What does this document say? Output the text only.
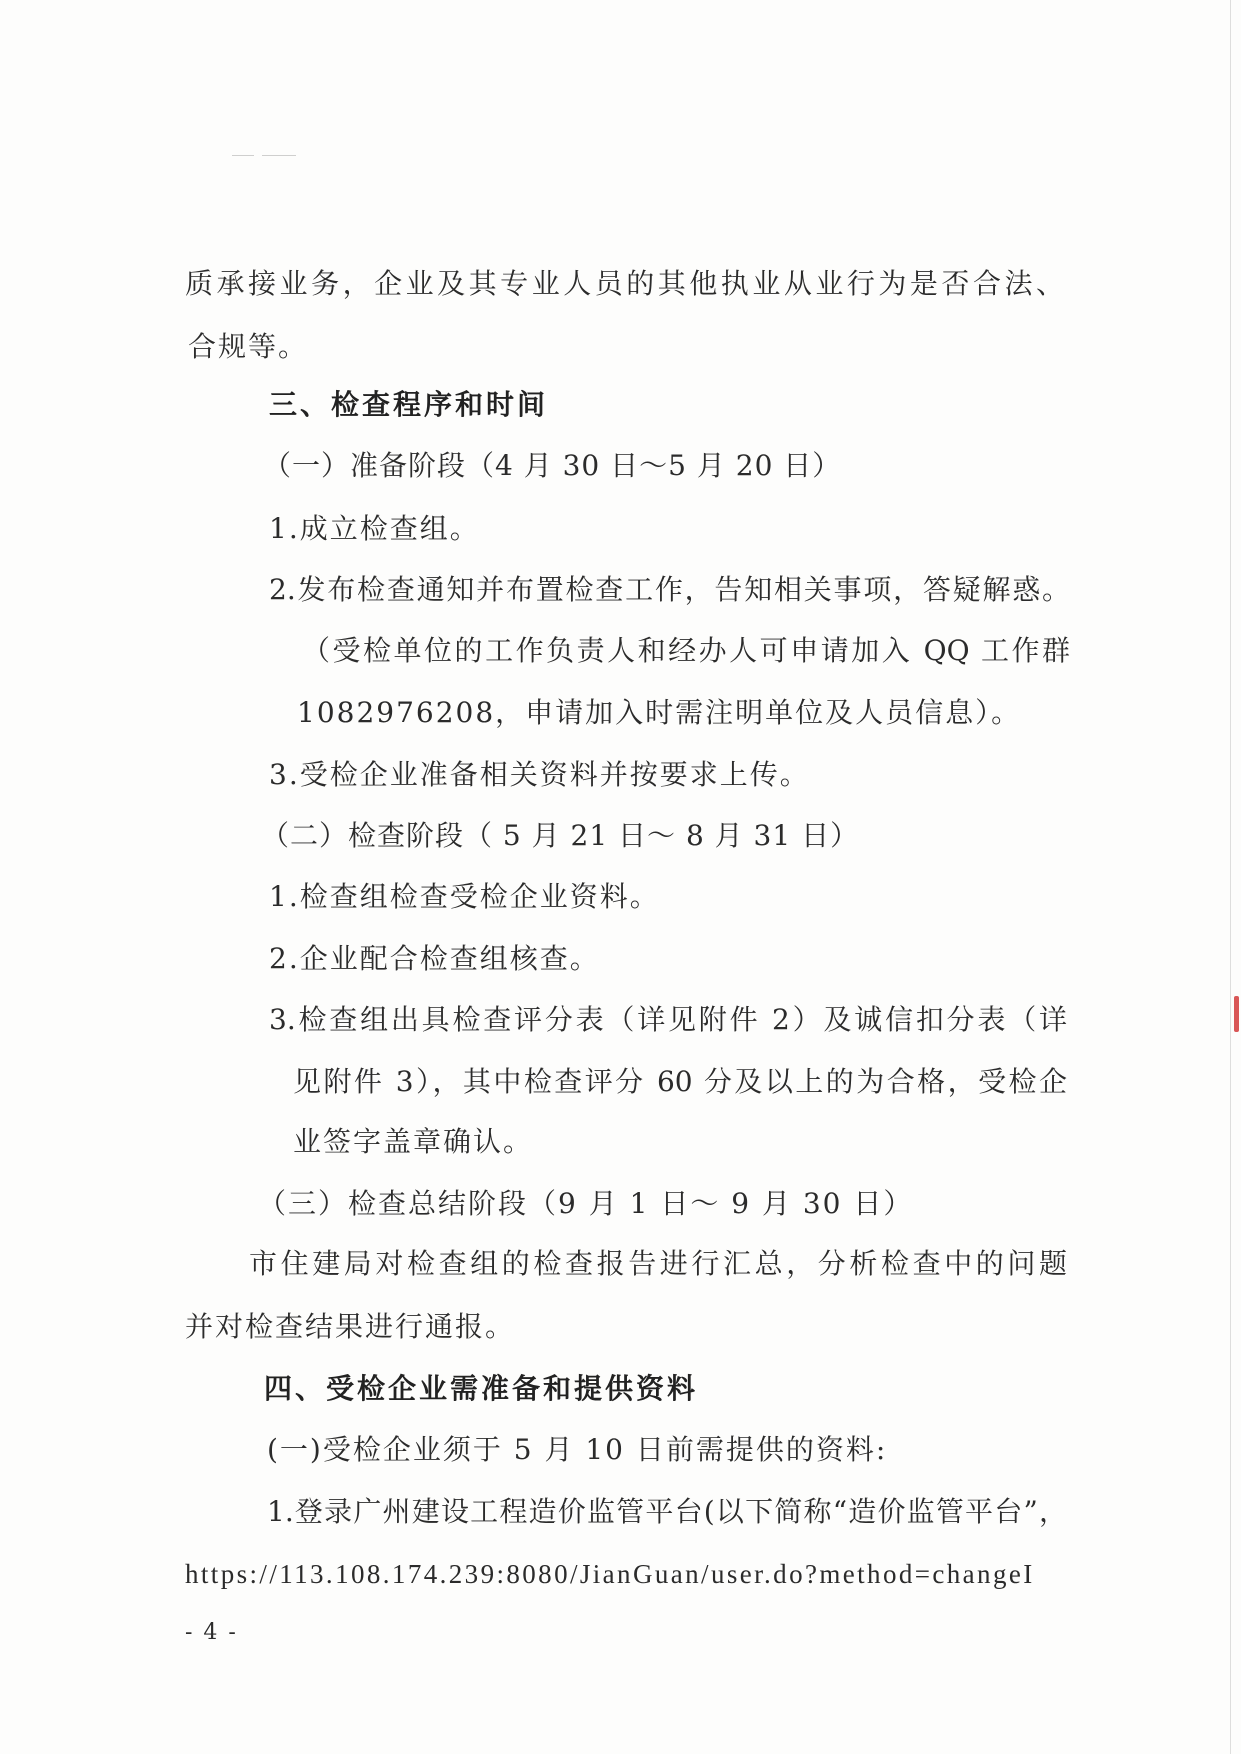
质承接业务，企业及其专业人员的其他执业从业行为是否合法、
合规等。
三、检查程序和时间
（一）准备阶段（4 月 30 日～5 月 20 日）
1.成立检查组。
2.发布检查通知并布置检查工作，告知相关事项，答疑解惑。
（受检单位的工作负责人和经办人可申请加入 QQ 工作群
1082976208，申请加入时需注明单位及人员信息）。
3.受检企业准备相关资料并按要求上传。
（二）检查阶段（ 5 月 21 日～ 8 月 31 日）
1.检查组检查受检企业资料。
2.企业配合检查组核查。
3.检查组出具检查评分表（详见附件 2）及诚信扣分表（详
见附件 3），其中检查评分 60 分及以上的为合格，受检企
业签字盖章确认。
（三）检查总结阶段（9 月 1 日～ 9 月 30 日）
市住建局对检查组的检查报告进行汇总，分析检查中的问题
并对检查结果进行通报。
四、受检企业需准备和提供资料
(一)受检企业须于 5 月 10 日前需提供的资料:
1.登录广州建设工程造价监管平台(以下简称“造价监管平台”，
https://113.108.174.239:8080/JianGuan/user.do?method=changeI
- 4 -
